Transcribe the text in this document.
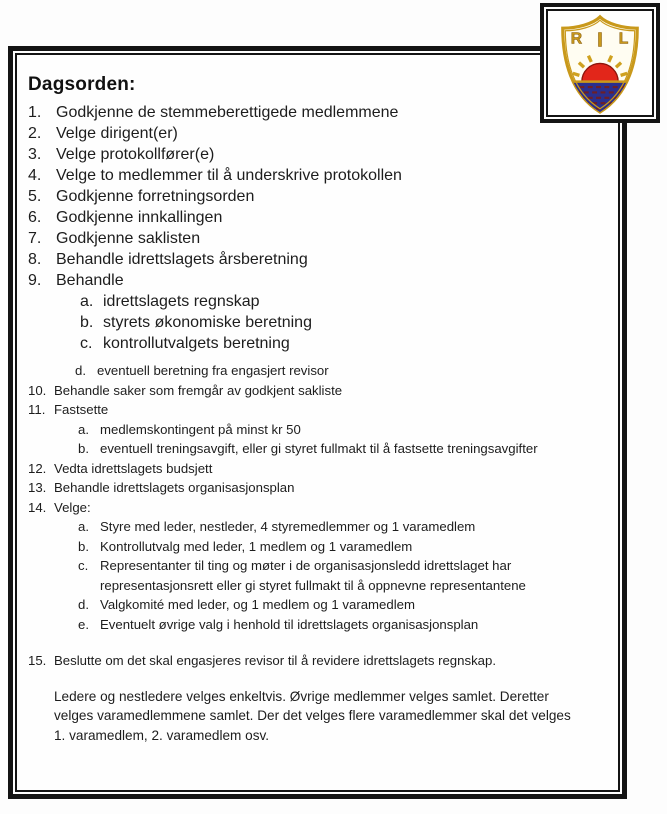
Dagsorden:
1. Godkjenne de stemmeberettigede medlemmene
2. Velge dirigent(er)
3. Velge protokollfører(e)
4. Velge to medlemmer til å underskrive protokollen
5. Godkjenne forretningsorden
6. Godkjenne innkallingen
7. Godkjenne saklisten
8. Behandle idrettslagets årsberetning
9. Behandle
a. idrettslagets regnskap
b. styrets økonomiske beretning
c. kontrollutvalgets beretning
d. eventuell beretning fra engasjert revisor
10. Behandle saker som fremgår av godkjent sakliste
11. Fastsette
a. medlemskontingent på minst kr 50
b. eventuell treningsavgift, eller gi styret fullmakt til å fastsette treningsavgifter
12. Vedta idrettslagets budsjett
13. Behandle idrettslagets organisasjonsplan
14. Velge:
a. Styre med leder, nestleder, 4 styremedlemmer og 1 varamedlem
b. Kontrollutvalg med leder, 1 medlem og 1 varamedlem
c. Representanter til ting og møter i de organisasjonsledd idrettslaget har
representasjonsrett eller gi styret fullmakt til å oppnevne representantene
d. Valgkomité med leder, og 1 medlem og 1 varamedlem
e. Eventuelt øvrige valg i henhold til idrettslagets organisasjonsplan
15. Beslutte om det skal engasjeres revisor til å revidere idrettslagets regnskap.
Ledere og nestledere velges enkeltvis. Øvrige medlemmer velges samlet. Deretter
velges varamedlemmene samlet. Der det velges flere varamedlemmer skal det velges
1. varamedlem, 2. varamedlem osv.
R I L
